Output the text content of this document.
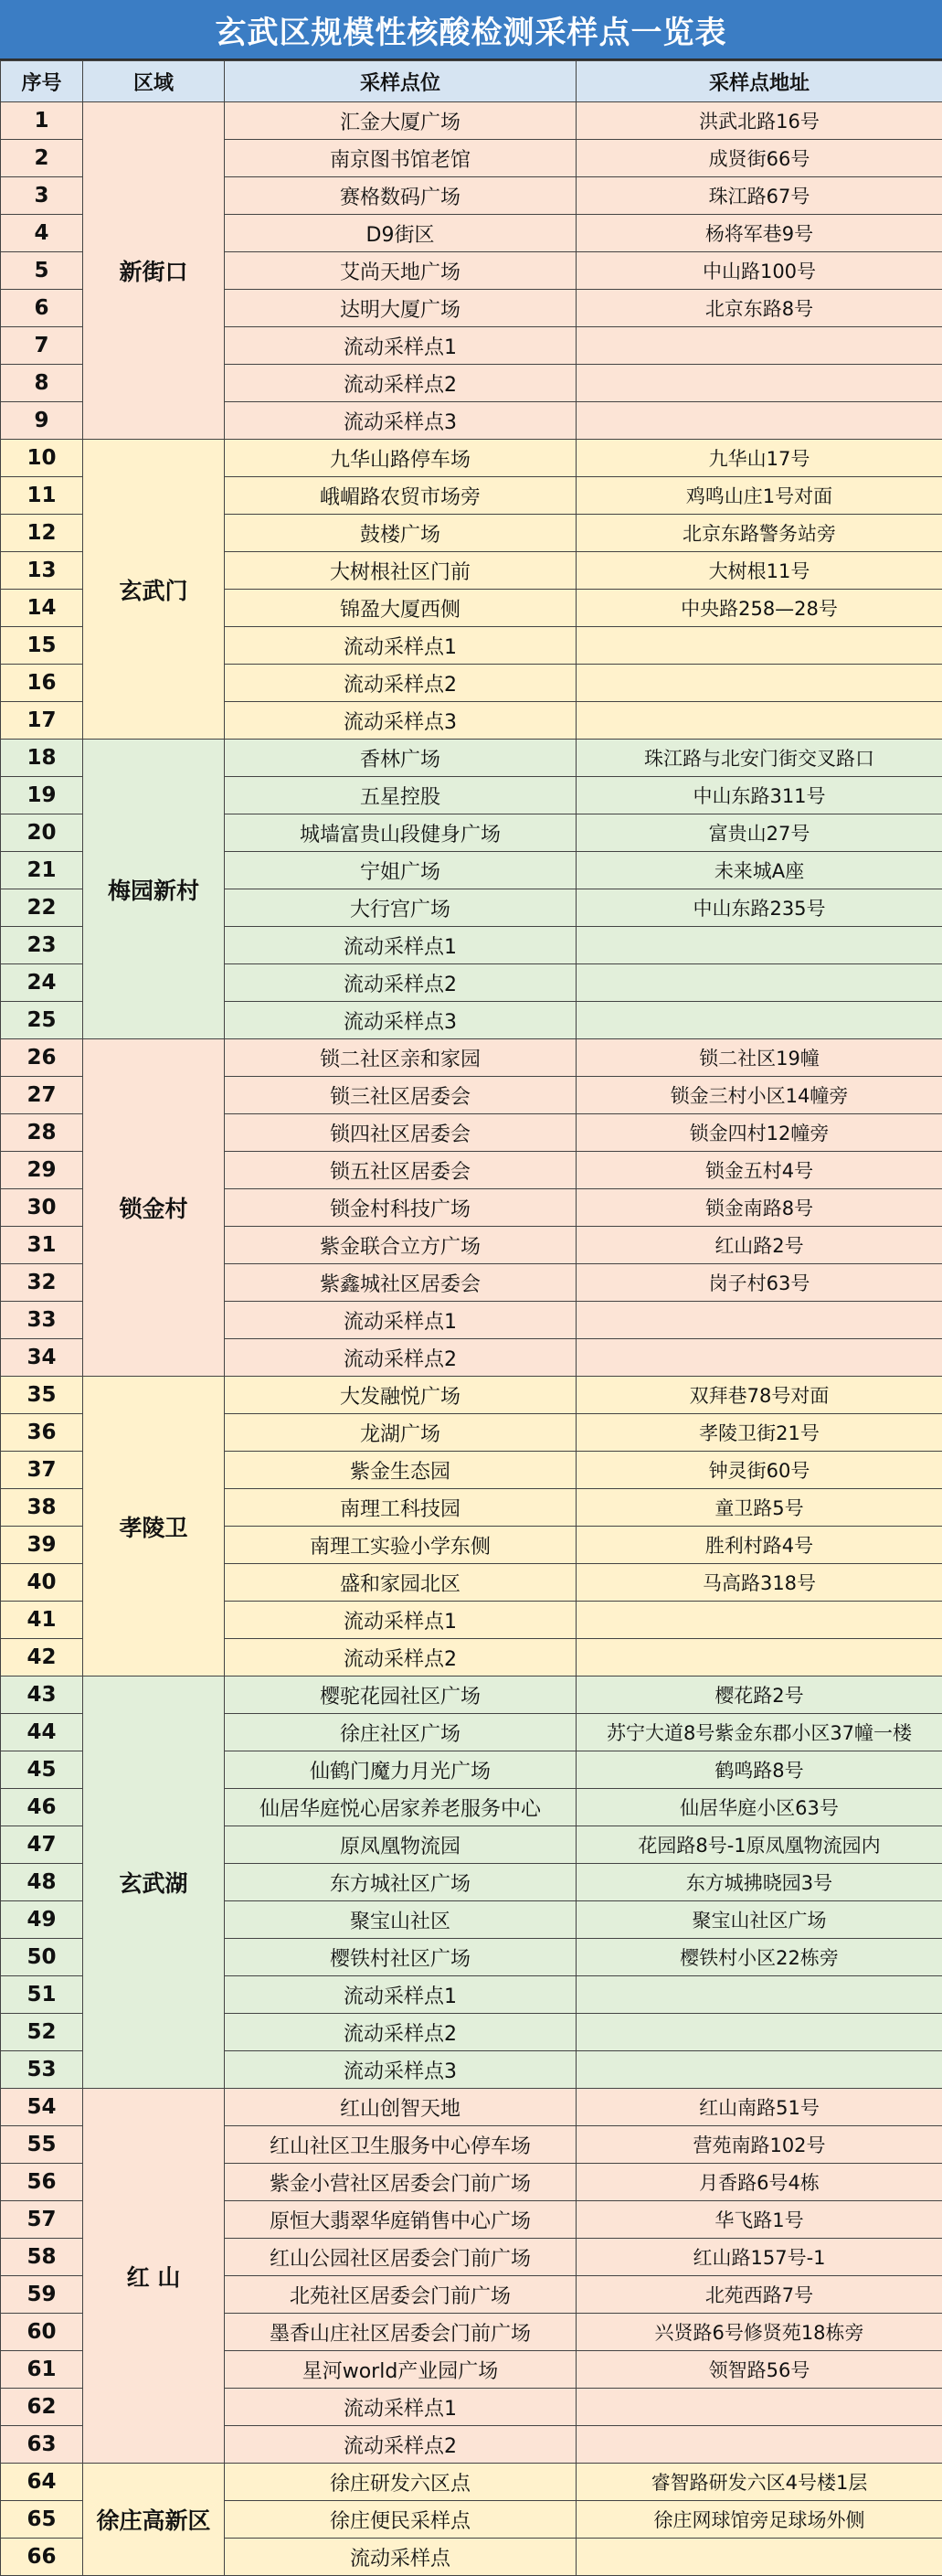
玄武区规模性核酸检测采样点一览表
序号	区域	采样点位	采样点地址
1	新街口	汇金大厦广场	洪武北路16号
2		南京图书馆老馆	成贤街66号
3		赛格数码广场	珠江路67号
4		D9街区	杨将军巷9号
5		艾尚天地广场	中山路100号
6		达明大厦广场	北京东路8号
7		流动采样点1	
8		流动采样点2	
9		流动采样点3	
10	玄武门	九华山路停车场	九华山17号
11		峨嵋路农贸市场旁	鸡鸣山庄1号对面
12		鼓楼广场	北京东路警务站旁
13		大树根社区门前	大树根11号
14		锦盈大厦西侧	中央路258—28号
15		流动采样点1	
16		流动采样点2	
17		流动采样点3	
18	梅园新村	香林广场	珠江路与北安门街交叉路口
19		五星控股	中山东路311号
20		城墙富贵山段健身广场	富贵山27号
21		宁姐广场	未来城A座
22		大行宫广场	中山东路235号
23		流动采样点1	
24		流动采样点2	
25		流动采样点3	
26	锁金村	锁二社区亲和家园	锁二社区19幢
27		锁三社区居委会	锁金三村小区14幢旁
28		锁四社区居委会	锁金四村12幢旁
29		锁五社区居委会	锁金五村4号
30		锁金村科技广场	锁金南路8号
31		紫金联合立方广场	红山路2号
32		紫鑫城社区居委会	岗子村63号
33		流动采样点1	
34		流动采样点2	
35	孝陵卫	大发融悦广场	双拜巷78号对面
36		龙湖广场	孝陵卫街21号
37		紫金生态园	钟灵街60号
38		南理工科技园	童卫路5号
39		南理工实验小学东侧	胜利村路4号
40		盛和家园北区	马高路318号
41		流动采样点1	
42		流动采样点2	
43	玄武湖	樱驼花园社区广场	樱花路2号
44		徐庄社区广场	苏宁大道8号紫金东郡小区37幢一楼
45		仙鹤门魔力月光广场	鹤鸣路8号
46		仙居华庭悦心居家养老服务中心	仙居华庭小区63号
47		原凤凰物流园	花园路8号-1原凤凰物流园内
48		东方城社区广场	东方城拂晓园3号
49		聚宝山社区	聚宝山社区广场
50		樱铁村社区广场	樱铁村小区22栋旁
51		流动采样点1	
52		流动采样点2	
53		流动采样点3	
54	红 山	红山创智天地	红山南路51号
55		红山社区卫生服务中心停车场	营苑南路102号
56		紫金小营社区居委会门前广场	月香路6号4栋
57		原恒大翡翠华庭销售中心广场	华飞路1号
58		红山公园社区居委会门前广场	红山路157号-1
59		北苑社区居委会门前广场	北苑西路7号
60		墨香山庄社区居委会门前广场	兴贤路6号修贤苑18栋旁
61		星河world产业园广场	领智路56号
62		流动采样点1	
63		流动采样点2	
64	徐庄高新区	徐庄研发六区点	睿智路研发六区4号楼1层
65		徐庄便民采样点	徐庄网球馆旁足球场外侧
66		流动采样点	
